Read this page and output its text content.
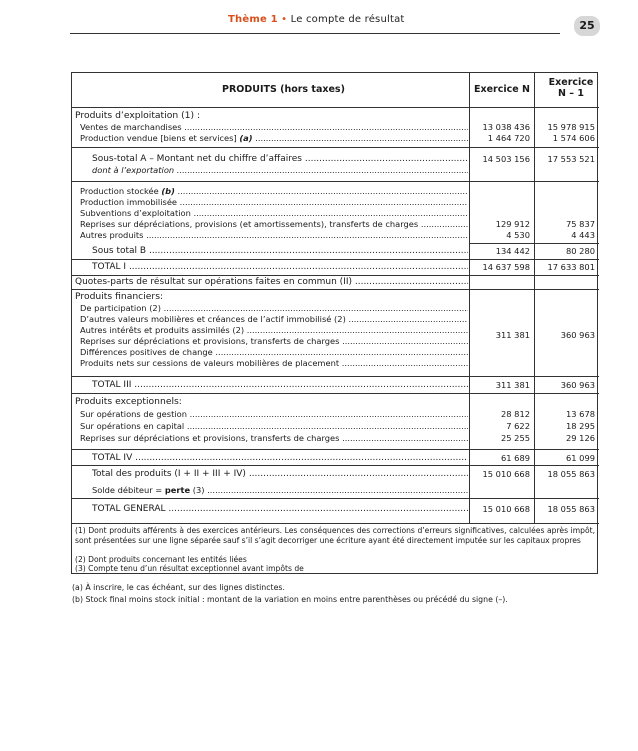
Thème 1 • Le compte de résultat	25
PRODUITS (hors taxes)	Exercice N
Exercice
N – 1
Produits d’exploitation (1) :
Ventes de marchandises .....	13 038 436	15 978 915
Production vendue [biens et services] (a) .....	1 464 720	1 574 606
Sous-total A – Montant net du chiffre d’affaires .....	14 503 156	17 553 521
dont à l’exportation .....
Production stockée (b) .....
Production immobilisée .....
Subventions d’exploitation .....
Reprises sur dépréciations, provisions (et amortissements), transferts de charges .....	129 912	75 837
Autres produits .....	4 530	4 443
Sous total B .....	134 442	80 280
TOTAL I .....	14 637 598	17 633 801
Quotes-parts de résultat sur opérations faites en commun (II) .....
Produits financiers:
De participation (2) .....
D’autres valeurs mobilières et créances de l’actif immobilisé (2) .....
Autres intérêts et produits assimilés (2) .....
Reprises sur dépréciations et provisions, transferts de charges .....
Différences positives de change .....
Produits nets sur cessions de valeurs mobilières de placement .....
311 381	360 963
TOTAL III .....	311 381	360 963
Produits exceptionnels:
Sur opérations de gestion .....	28 812	13 678
Sur opérations en capital .....	7 622	18 295
Reprises sur dépréciations et provisions, transferts de charges .....	25 255	29 126
TOTAL IV .....	61 689	61 099
Total des produits (I + II + III + IV) .....	15 010 668	18 055 863
Solde débiteur = perte (3) .....
TOTAL GÉNÉRAL .....	15 010 668	18 055 863
(1) Dont produits afférents à des exercices antérieurs. Les conséquences des corrections d’erreurs significatives, calculées après impôt, sont présentées sur une ligne séparée sauf s’il s’agit decorriger une écriture ayant été directement imputée sur les capitaux propres
(2) Dont produits concernant les entités liées
(3) Compte tenu d’un résultat exceptionnel avant impôts de
(a) À inscrire, le cas échéant, sur des lignes distinctes.
(b) Stock final moins stock initial : montant de la variation en moins entre parenthèses ou précédé du signe (–).
